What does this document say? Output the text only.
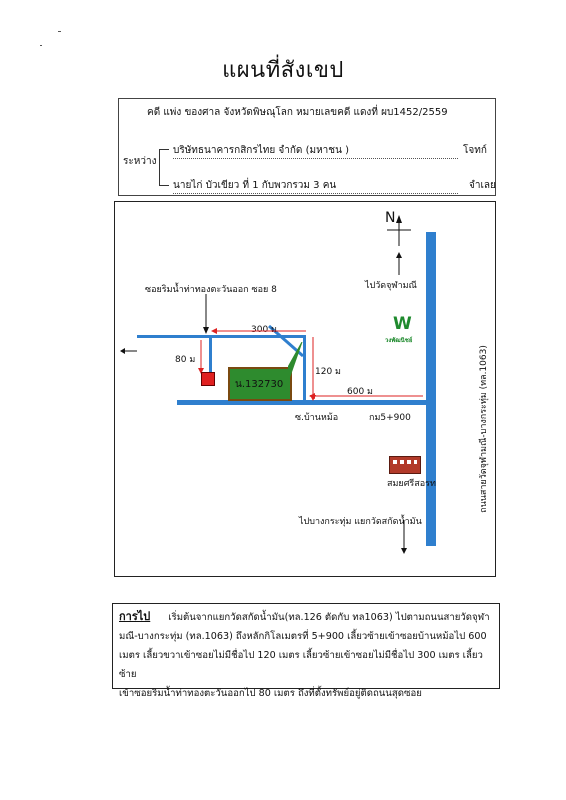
แผนที่สังเขป
คดี แพ่ง ของศาล จังหวัดพิษณุโลก หมายเลขคดี แดงที่ ผบ1452/2559
ระหว่าง
บริษัทธนาคารกสิกรไทย จำกัด (มหาชน )	โจทก์
นายไก่ บัวเขียว ที่ 1 กับพวกรวม 3 คน	จำเลย
N
ไปวัดจุฬามณี
ซอยริมน้ำท่าทองตะวันออก ซอย 8
300 ม
80 ม
น.132730
120 ม
600 ม
W
วงพัฒนิชย์
ซ.บ้านหม้อ	กม5+900
สมยศรีสอรท	ถนนสายวัดจุฬามณี-บางกระทุ่ม (ทล.1063)
ไปบางกระทุ่ม แยกวัดสกัดน้ำมัน
การไป เริ่มต้นจากแยกวัดสกัดน้ำมัน(ทล.126 ตัดกับ ทล1063) ไปตามถนนสายวัดจุฬา
มณี-บางกระทุ่ม (ทล.1063) ถึงหลักกิโลเมตรที่ 5+900 เลี้ยวซ้ายเข้าซอยบ้านหม้อไป 600
เมตร เลี้ยวขวาเข้าซอยไม่มีชื่อไป 120 เมตร เลี้ยวซ้ายเข้าซอยไม่มีชื่อไป 300 เมตร เลี้ยวซ้าย
เข้าซอยริมน้ำท่าทองตะวันออกไป 80 เมตร ถึงที่ตั้งทรัพย์อยู่ติดถนนสุดซอย
